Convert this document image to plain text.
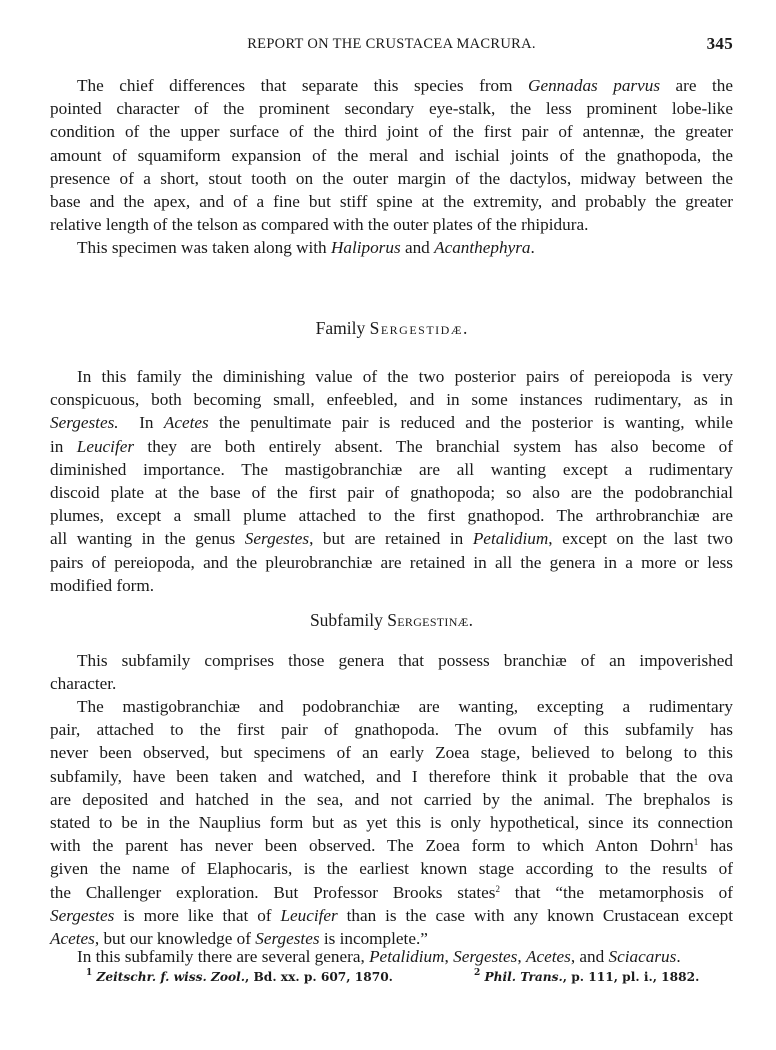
REPORT ON THE CRUSTACEA MACRURA.	345
The chief differences that separate this species from Gennadas parvus are the
pointed character of the prominent secondary eye-stalk, the less prominent lobe-like
condition of the upper surface of the third joint of the first pair of antennæ, the greater
amount of squamiform expansion of the meral and ischial joints of the gnathopoda, the
presence of a short, stout tooth on the outer margin of the dactylos, midway between the
base and the apex, and of a fine but stiff spine at the extremity, and probably the greater
relative length of the telson as compared with the outer plates of the rhipidura.
This specimen was taken along with Haliporus and Acanthephyra.
Family Sergestidæ.
In this family the diminishing value of the two posterior pairs of pereiopoda is very
conspicuous, both becoming small, enfeebled, and in some instances rudimentary, as in
Sergestes.  In Acetes the penultimate pair is reduced and the posterior is wanting, while
in Leucifer they are both entirely absent. The branchial system has also become of
diminished importance. The mastigobranchiæ are all wanting except a rudimentary
discoid plate at the base of the first pair of gnathopoda; so also are the podobranchial
plumes, except a small plume attached to the first gnathopod. The arthrobranchiæ are
all wanting in the genus Sergestes, but are retained in Petalidium, except on the last two
pairs of pereiopoda, and the pleurobranchiæ are retained in all the genera in a more or less
modified form.
Subfamily Sergestinæ.
This subfamily comprises those genera that possess branchiæ of an impoverished
character.
The mastigobranchiæ and podobranchiæ are wanting, excepting a rudimentary
pair, attached to the first pair of gnathopoda. The ovum of this subfamily has
never been observed, but specimens of an early Zoea stage, believed to belong to this
subfamily, have been taken and watched, and I therefore think it probable that the ova
are deposited and hatched in the sea, and not carried by the animal. The brephalos is
stated to be in the Nauplius form but as yet this is only hypothetical, since its connection
with the parent has never been observed. The Zoea form to which Anton Dohrn$^1$ has
given the name of Elaphocaris, is the earliest known stage according to the results of
the Challenger exploration. But Professor Brooks states$^2$ that “the metamorphosis of
Sergestes is more like that of Leucifer than is the case with any known Crustacean except
Acetes, but our knowledge of Sergestes is incomplete.”
In this subfamily there are several genera, Petalidium, Sergestes, Acetes, and Sciacarus.
$^1$ Zeitschr. f. wiss. Zool., Bd. xx. p. 607, 1870.	$^2$ Phil. Trans., p. 111, pl. i., 1882.
